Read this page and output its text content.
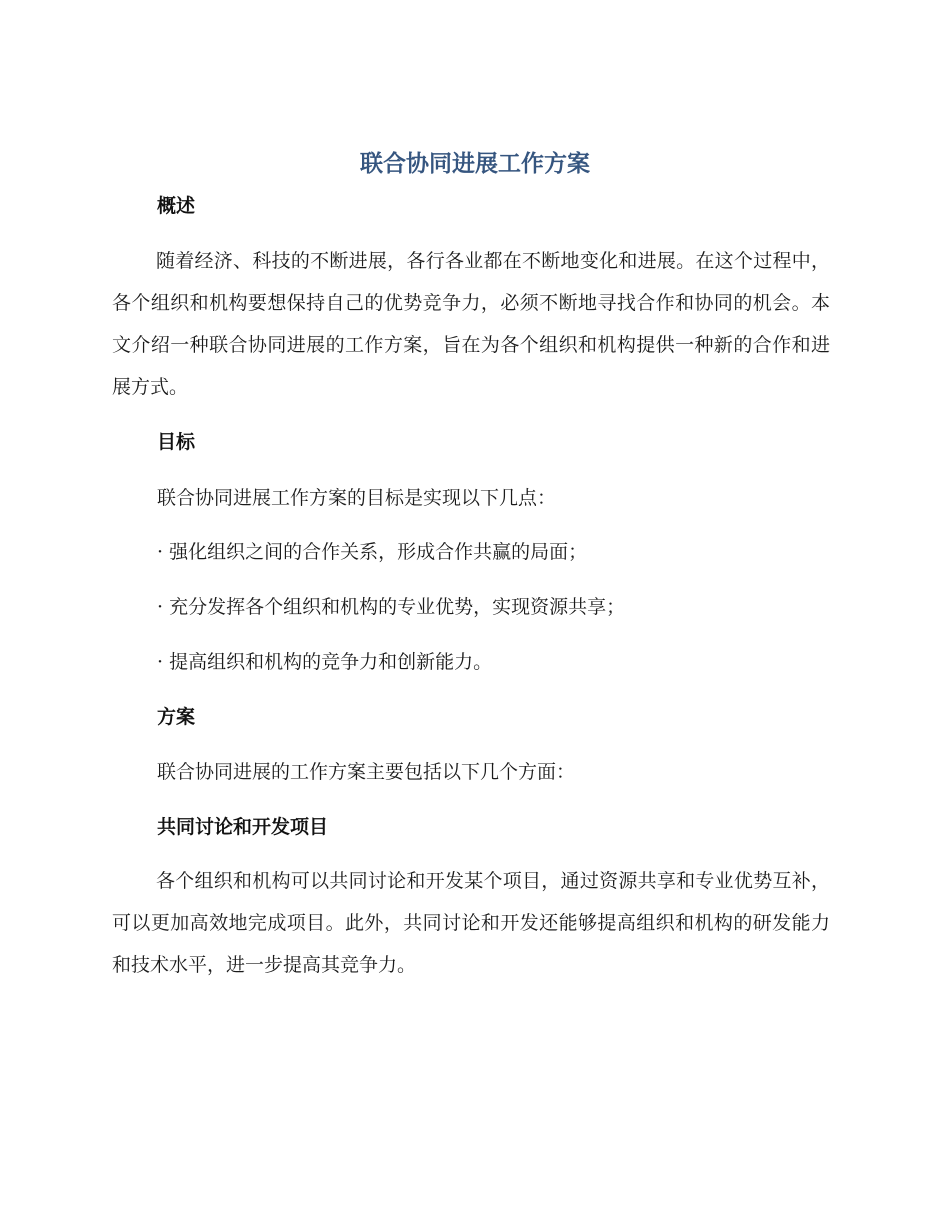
联合协同进展工作方案
概述
随着经济、科技的不断进展，各行各业都在不断地变化和进展。在这个过程中，各个组织和机构要想保持自己的优势竞争力，必须不断地寻找合作和协同的机会。本文介绍一种联合协同进展的工作方案，旨在为各个组织和机构提供一种新的合作和进展方式。
目标
联合协同进展工作方案的目标是实现以下几点：
· 强化组织之间的合作关系，形成合作共赢的局面；
· 充分发挥各个组织和机构的专业优势，实现资源共享；
· 提高组织和机构的竞争力和创新能力。
方案
联合协同进展的工作方案主要包括以下几个方面：
共同讨论和开发项目
各个组织和机构可以共同讨论和开发某个项目，通过资源共享和专业优势互补，可以更加高效地完成项目。此外，共同讨论和开发还能够提高组织和机构的研发能力和技术水平，进一步提高其竞争力。
